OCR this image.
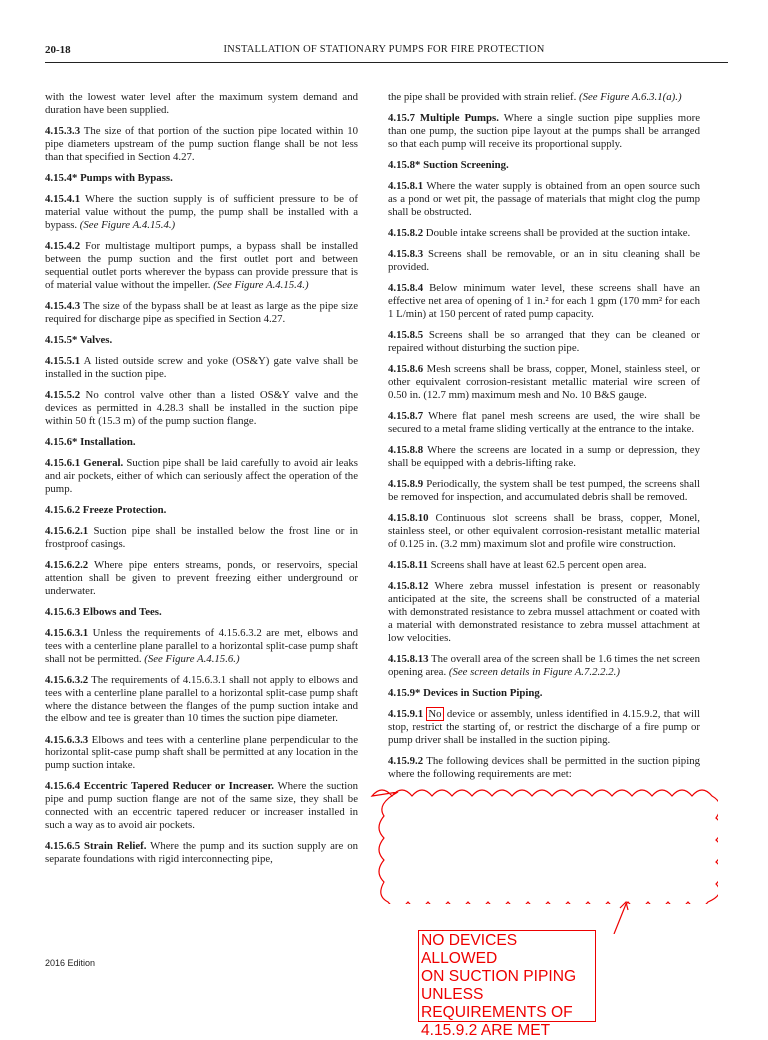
20-18	INSTALLATION OF STATIONARY PUMPS FOR FIRE PROTECTION

with the lowest water level after the maximum system demand and duration have been supplied.

4.15.3.3 The size of that portion of the suction pipe located within 10 pipe diameters upstream of the pump suction flange shall be not less than that specified in Section 4.27.

4.15.4* Pumps with Bypass.

4.15.4.1 Where the suction supply is of sufficient pressure to be of material value without the pump, the pump shall be installed with a bypass. (See Figure A.4.15.4.)

4.15.4.2 For multistage multiport pumps, a bypass shall be installed between the pump suction and the first outlet port and between sequential outlet ports wherever the bypass can provide pressure that is of material value without the impeller. (See Figure A.4.15.4.)

4.15.4.3 The size of the bypass shall be at least as large as the pipe size required for discharge pipe as specified in Section 4.27.

4.15.5* Valves.

4.15.5.1 A listed outside screw and yoke (OS&Y) gate valve shall be installed in the suction pipe.

4.15.5.2 No control valve other than a listed OS&Y valve and the devices as permitted in 4.28.3 shall be installed in the suction pipe within 50 ft (15.3 m) of the pump suction flange.

4.15.6* Installation.

4.15.6.1 General. Suction pipe shall be laid carefully to avoid air leaks and air pockets, either of which can seriously affect the operation of the pump.

4.15.6.2 Freeze Protection.

4.15.6.2.1 Suction pipe shall be installed below the frost line or in frostproof casings.

4.15.6.2.2 Where pipe enters streams, ponds, or reservoirs, special attention shall be given to prevent freezing either underground or underwater.

4.15.6.3 Elbows and Tees.

4.15.6.3.1 Unless the requirements of 4.15.6.3.2 are met, elbows and tees with a centerline plane parallel to a horizontal split-case pump shaft shall not be permitted. (See Figure A.4.15.6.)

4.15.6.3.2 The requirements of 4.15.6.3.1 shall not apply to elbows and tees with a centerline plane parallel to a horizontal split-case pump shaft where the distance between the flanges of the pump suction intake and the elbow and tee is greater than 10 times the suction pipe diameter.

4.15.6.3.3 Elbows and tees with a centerline plane perpendicular to the horizontal split-case pump shaft shall be permitted at any location in the pump suction intake.

4.15.6.4 Eccentric Tapered Reducer or Increaser. Where the suction pipe and pump suction flange are not of the same size, they shall be connected with an eccentric tapered reducer or increaser installed in such a way as to avoid air pockets.

4.15.6.5 Strain Relief. Where the pump and its suction supply are on separate foundations with rigid interconnecting pipe,

the pipe shall be provided with strain relief. (See Figure A.6.3.1(a).)

4.15.7 Multiple Pumps. Where a single suction pipe supplies more than one pump, the suction pipe layout at the pumps shall be arranged so that each pump will receive its proportional supply.

4.15.8* Suction Screening.

4.15.8.1 Where the water supply is obtained from an open source such as a pond or wet pit, the passage of materials that might clog the pump shall be obstructed.

4.15.8.2 Double intake screens shall be provided at the suction intake.

4.15.8.3 Screens shall be removable, or an in situ cleaning shall be provided.

4.15.8.4 Below minimum water level, these screens shall have an effective net area of opening of 1 in.² for each 1 gpm (170 mm² for each 1 L/min) at 150 percent of rated pump capacity.

4.15.8.5 Screens shall be so arranged that they can be cleaned or repaired without disturbing the suction pipe.

4.15.8.6 Mesh screens shall be brass, copper, Monel, stainless steel, or other equivalent corrosion-resistant metallic material wire screen of 0.50 in. (12.7 mm) maximum mesh and No. 10 B&S gauge.

4.15.8.7 Where flat panel mesh screens are used, the wire shall be secured to a metal frame sliding vertically at the entrance to the intake.

4.15.8.8 Where the screens are located in a sump or depression, they shall be equipped with a debris-lifting rake.

4.15.8.9 Periodically, the system shall be test pumped, the screens shall be removed for inspection, and accumulated debris shall be removed.

4.15.8.10 Continuous slot screens shall be brass, copper, Monel, stainless steel, or other equivalent corrosion-resistant metallic material of 0.125 in. (3.2 mm) maximum slot and profile wire construction.

4.15.8.11 Screens shall have at least 62.5 percent open area.

4.15.8.12 Where zebra mussel infestation is present or reasonably anticipated at the site, the screens shall be constructed of a material with demonstrated resistance to zebra mussel attachment or coated with a material with demonstrated resistance to zebra mussel attachment at low velocities.

4.15.8.13 The overall area of the screen shall be 1.6 times the net screen opening area. (See screen details in Figure A.7.2.2.2.)

4.15.9* Devices in Suction Piping.

4.15.9.1 No device or assembly, unless identified in 4.15.9.2, that will stop, restrict the starting of, or restrict the discharge of a fire pump or pump driver shall be installed in the suction piping.

4.15.9.2 The following devices shall be permitted in the suction piping where the following requirements are met:

NO DEVICES ALLOWED
ON SUCTION PIPING
UNLESS
REQUIREMENTS OF
4.15.9.2 ARE MET
2016 Edition
